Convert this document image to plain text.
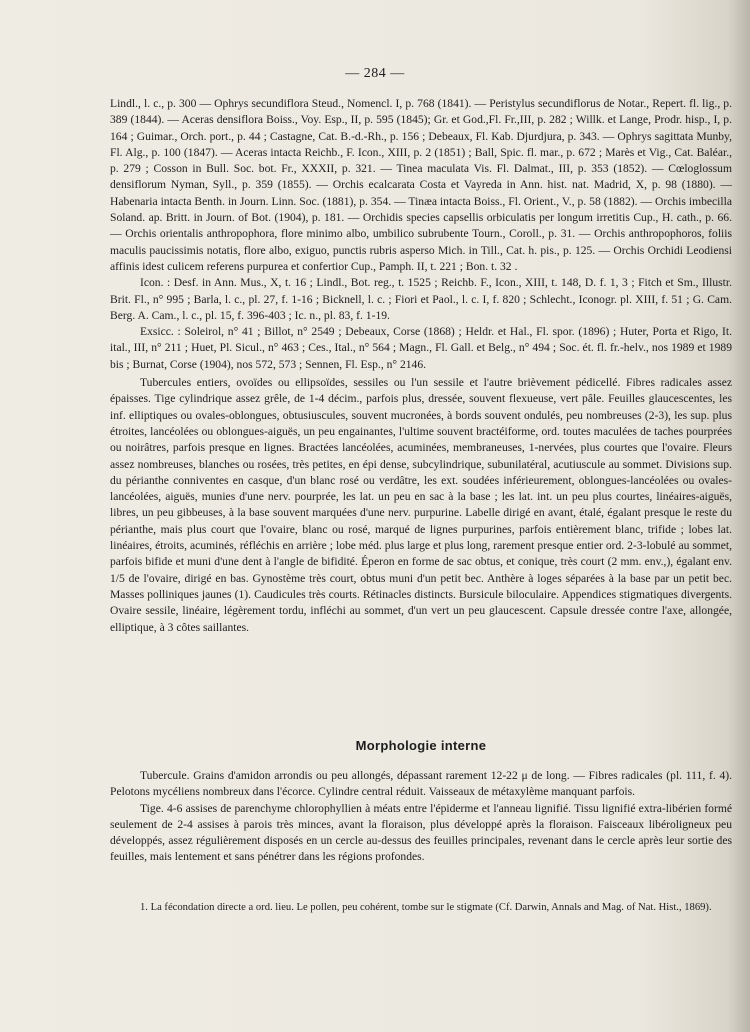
— 284 —

Lindl., l. c., p. 300 — Ophrys secundiflora Steud., Nomencl. I, p. 768 (1841). — Peristylus secundiflorus de Notar., Repert. fl. lig., p. 389 (1844). — Aceras densiflora Boiss., Voy. Esp., II, p. 595 (1845); Gr. et God.,Fl. Fr.,III, p. 282 ; Willk. et Lange, Prodr. hisp., I, p. 164 ; Guimar., Orch. port., p. 44 ; Castagne, Cat. B.-d.-Rh., p. 156 ; Debeaux, Fl. Kab. Djurdjura, p. 343. — Ophrys sagittata Munby, Fl. Alg., p. 100 (1847). — Aceras intacta Reichb., F. Icon., XIII, p. 2 (1851) ; Ball, Spic. fl. mar., p. 672 ; Marès et Vig., Cat. Baléar., p. 279 ; Cosson in Bull. Soc. bot. Fr., XXXII, p. 321. — Tinea maculata Vis. Fl. Dalmat., III, p. 353 (1852). — Cœloglossum densiflorum Nyman, Syll., p. 359 (1855). — Orchis ecalcarata Costa et Vayreda in Ann. hist. nat. Madrid, X, p. 98 (1880). — Habenaria intacta Benth. in Journ. Linn. Soc. (1881), p. 354. — Tinæa intacta Boiss., Fl. Orient., V., p. 58 (1882). — Orchis imbecilla Soland. ap. Britt. in Journ. of Bot. (1904), p. 181. — Orchidis species capsellis orbiculatis per longum irretitis Cup., H. cath., p. 66. — Orchis orientalis anthropophora, flore minimo albo, umbilico subrubente Tourn., Coroll., p. 31. — Orchis anthropophoros, foliis maculis paucissimis notatis, flore albo, exiguo, punctis rubris asperso Mich. in Till., Cat. h. pis., p. 125. — Orchis Orchidi Leodiensi affinis idest culicem referens purpurea et confertior Cup., Pamph. II, t. 221 ; Bon. t. 32 .

Icon. : Desf. in Ann. Mus., X, t. 16 ; Lindl., Bot. reg., t. 1525 ; Reichb. F., Icon., XIII, t. 148, D. f. 1, 3 ; Fitch et Sm., Illustr. Brit. Fl., n° 995 ; Barla, l. c., pl. 27, f. 1-16 ; Bicknell, l. c. ; Fiori et Paol., l. c. I, f. 820 ; Schlecht., Iconogr. pl. XIII, f. 51 ; G. Cam. Berg. A. Cam., l. c., pl. 15, f. 396-403 ; Ic. n., pl. 83, f. 1-19.

Exsicc. : Soleirol, n° 41 ; Billot, n° 2549 ; Debeaux, Corse (1868) ; Heldr. et Hal., Fl. spor. (1896) ; Huter, Porta et Rigo, It. ital., III, n° 211 ; Huet, Pl. Sicul., n° 463 ; Ces., Ital., n° 564 ; Magn., Fl. Gall. et Belg., n° 494 ; Soc. ét. fl. fr.-helv., nos 1989 et 1989 bis ; Burnat, Corse (1904), nos 572, 573 ; Sennen, Fl. Esp., n° 2146.

Tubercules entiers, ovoïdes ou ellipsoïdes, sessiles ou l'un sessile et l'autre brièvement pédicellé. Fibres radicales assez épaisses. Tige cylindrique assez grêle, de 1-4 décim., parfois plus, dressée, souvent flexueuse, vert pâle. Feuilles glaucescentes, les inf. elliptiques ou ovales-oblongues, obtusiuscules, souvent mucronées, à bords souvent ondulés, peu nombreuses (2-3), les sup. plus étroites, lancéolées ou oblongues-aiguës, un peu engainantes, l'ultime souvent bractéiforme, ord. toutes maculées de taches pourprées ou noirâtres, parfois presque en lignes. Bractées lancéolées, acuminées, membraneuses, 1-nervées, plus courtes que l'ovaire. Fleurs assez nombreuses, blanches ou rosées, très petites, en épi dense, subcylindrique, subunilatéral, acutiuscule au sommet. Divisions sup. du périanthe conniventes en casque, d'un blanc rosé ou verdâtre, les ext. soudées inférieurement, oblongues-lancéolées ou ovales-lancéolées, aiguës, munies d'une nerv. pourprée, les lat. un peu en sac à la base ; les lat. int. un peu plus courtes, linéaires-aiguës, libres, un peu gibbeuses, à la base souvent marquées d'une nerv. purpurine. Labelle dirigé en avant, étalé, égalant presque le reste du périanthe, mais plus court que l'ovaire, blanc ou rosé, marqué de lignes purpurines, parfois entièrement blanc, trifide ; lobes lat. linéaires, étroits, acuminés, réfléchis en arrière ; lobe méd. plus large et plus long, rarement presque entier ord. 2-3-lobulé au sommet, parfois bifide et muni d'une dent à l'angle de bifidité. Éperon en forme de sac obtus, et conique, très court (2 mm. env.,), égalant env. 1/5 de l'ovaire, dirigé en bas. Gynostème très court, obtus muni d'un petit bec. Anthère à loges séparées à la base par un petit bec. Masses polliniques jaunes (1). Caudicules très courts. Rétinacles distincts. Bursicule biloculaire. Appendices stigmatiques divergents. Ovaire sessile, linéaire, légèrement tordu, infléchi au sommet, d'un vert un peu glaucescent. Capsule dressée contre l'axe, allongée, elliptique, à 3 côtes saillantes.

Morphologie interne

Tubercule. Grains d'amidon arrondis ou peu allongés, dépassant rarement 12-22 μ de long. — Fibres radicales (pl. 111, f. 4). Pelotons mycéliens nombreux dans l'écorce. Cylindre central réduit. Vaisseaux de métaxylème manquant parfois.

Tige. 4-6 assises de parenchyme chlorophyllien à méats entre l'épiderme et l'anneau lignifié. Tissu lignifié extra-libérien formé seulement de 2-4 assises à parois très minces, avant la floraison, plus développé après la floraison. Faisceaux libéroligneux peu développés, assez régulièrement disposés en un cercle au-dessus des feuilles principales, revenant dans le cercle après leur sortie des feuilles, mais lentement et sans pénétrer dans les régions profondes.

1. La fécondation directe a ord. lieu. Le pollen, peu cohérent, tombe sur le stigmate (Cf. Darwin, Annals and Mag. of Nat. Hist., 1869).
